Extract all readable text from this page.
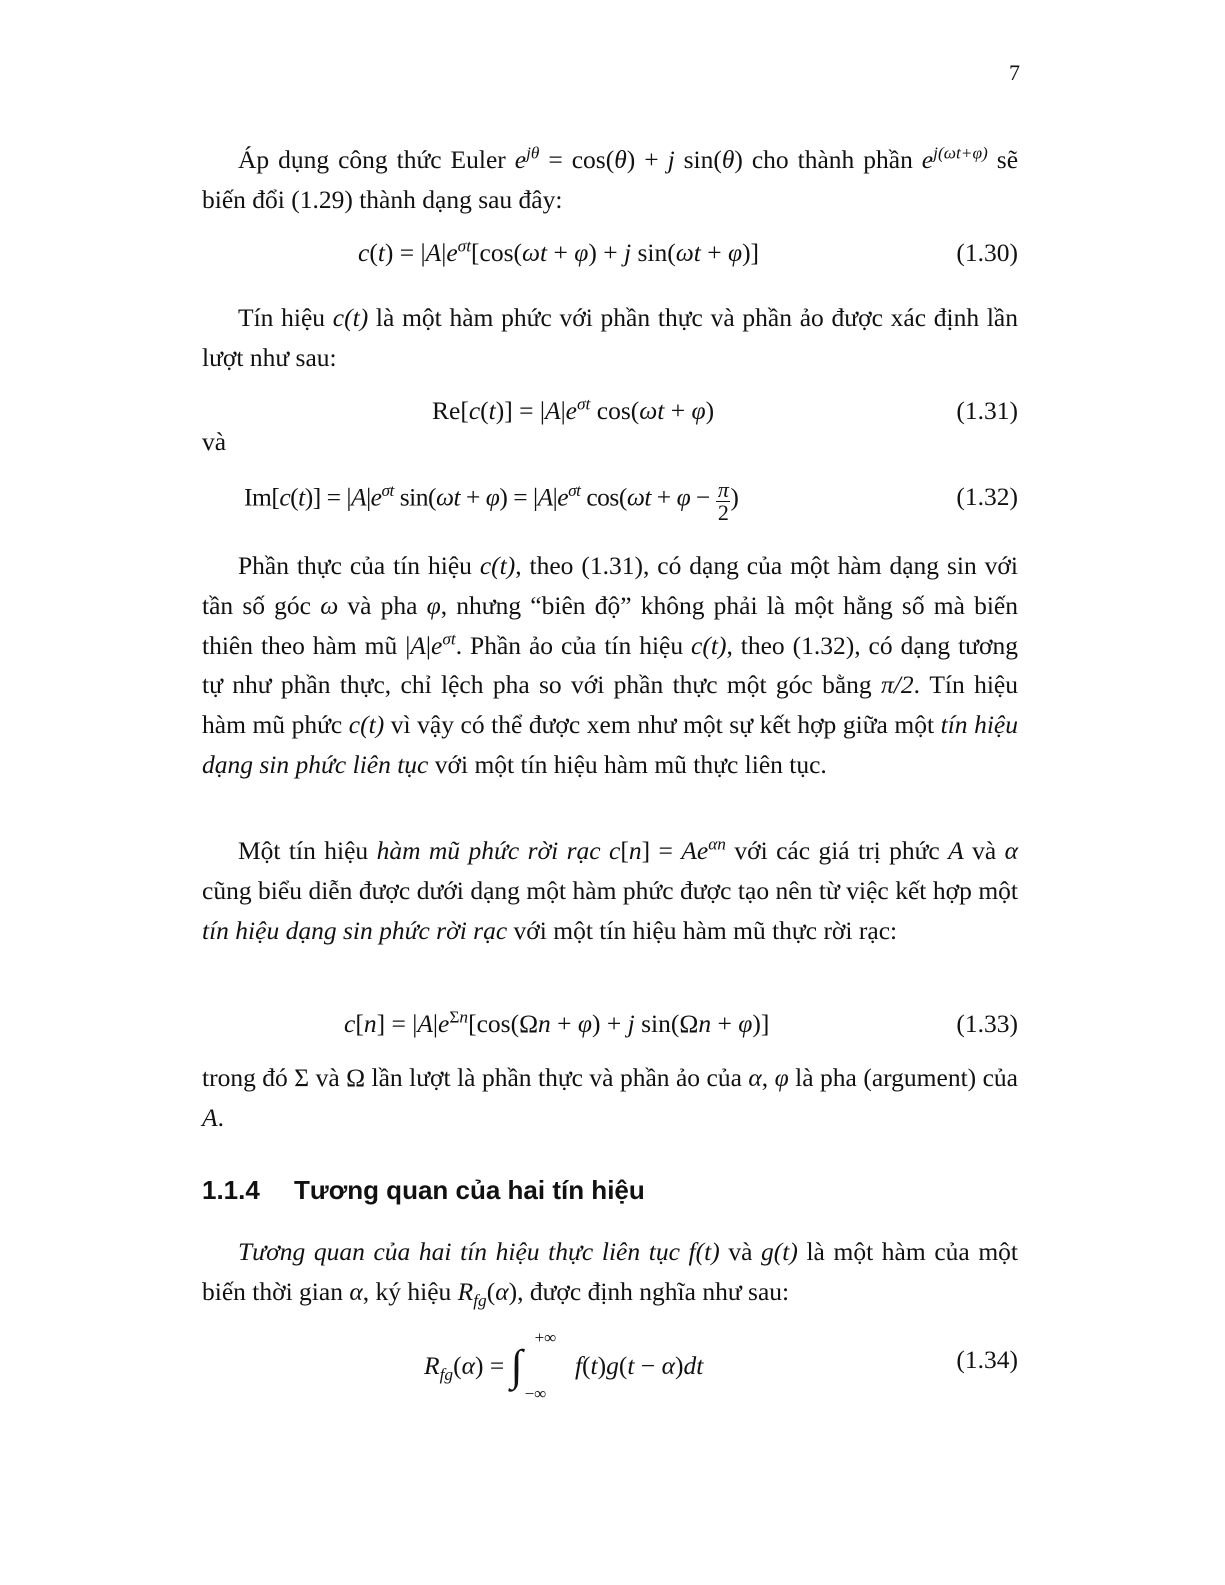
7

Áp dụng công thức Euler $e^{j\theta} = \cos(\theta) + j$ sin(θ) cho thành phần $e^{j(\omega t+\varphi)}$ sẽ biến đổi (1.29) thành dạng sau đây:

$c(t) = |A|e^{\sigma t}[\cos(\omega t + \varphi) + j$ sin(ωt + φ)]	(1.30)

Tín hiệu c(t) là một hàm phức với phần thực và phần ảo được xác định lần lượt như sau:

$Re[c(t)] = |A|e^{\sigma t}$ cos(ωt + φ)	(1.31)
và
$Im[c(t)] = |A|e^{\sigma t}$ $\sin(\omega t + \varphi) = |A|e^{\sigma t}$ $\cos(\omega t + \varphi - \frac{\pi}{2}$ )	(1.32)

Phần thực của tín hiệu c(t), theo (1.31), có dạng của một hàm dạng sin với tần số góc ω và pha φ, nhưng “biên độ” không phải là một hằng số mà biến thiên theo hàm mũ $|A|e^{\sigma t}$. Phần ảo của tín hiệu c(t), theo (1.32), có dạng tương tự như phần thực, chỉ lệch pha so với phần thực một góc bằng π/2. Tín hiệu hàm mũ phức c(t) vì vậy có thể được xem như một sự kết hợp giữa một tín hiệu dạng sin phức liên tục với một tín hiệu hàm mũ thực liên tục.

Một tín hiệu hàm mũ phức rời rạc $c[n] = Ae^{\alpha n}$ với các giá trị phức A và α cũng biểu diễn được dưới dạng một hàm phức được tạo nên từ việc kết hợp một tín hiệu dạng sin phức rời rạc với một tín hiệu hàm mũ thực rời rạc:

$c[n] = |A|e^{\Sigma n}[\cos(\Omega n + \varphi) + j$ sin(Ωn + φ)]	(1.33)

trong đó Σ và Ω lần lượt là phần thực và phần ảo của α, φ là pha (argument) của A.

1.1.4 Tương quan của hai tín hiệu

Tương quan của hai tín hiệu thực liên tục f(t) và g(t) là một hàm của một biến thời gian α, ký hiệu $R_{fg}(\alpha)$, được định nghĩa như sau:

$R_{fg}(\alpha)$ = ∫
+∞
−∞
f(t)g(t − α)dt	(1.34)
